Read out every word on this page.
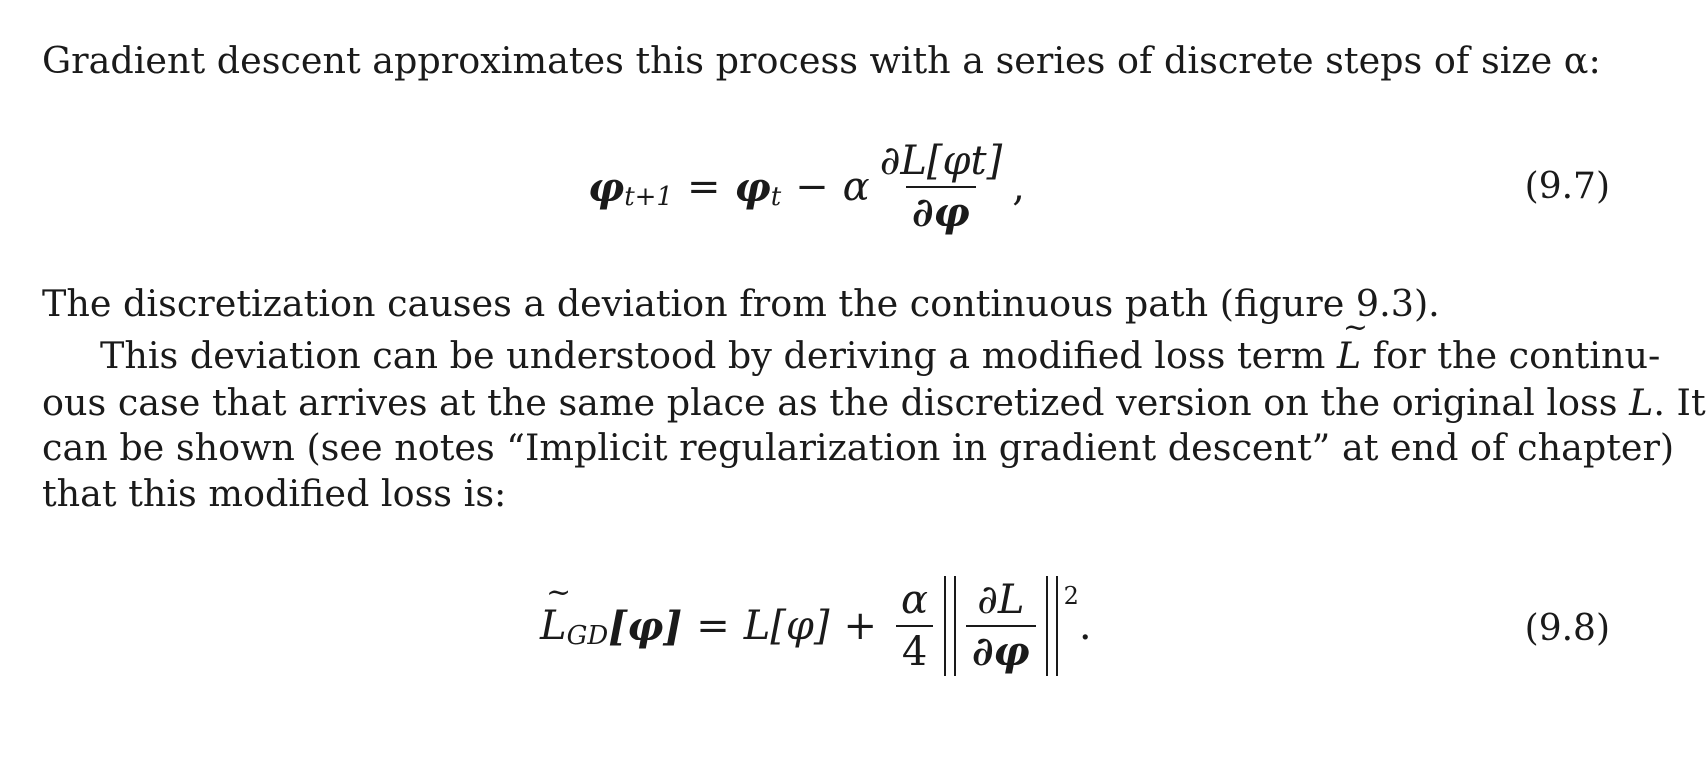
Gradient descent approximates this process with a series of discrete steps of size α:
φ t+1 = φ t − α $\frac{\partial L[\varphi t]}{\partial\varphi}$ ,	(9.7)
The discretization causes a deviation from the continuous path (figure 9.3).
This deviation can be understood by deriving a modified loss term ~ L for the continu-
ous case that arrives at the same place as the discretized version on the original loss L. It
can be shown (see notes “Implicit regularization in gradient descent” at end of chapter)
that this modified loss is:
~ L GD $[\varphi] = L[\varphi] + \frac{\alpha}{4} \frac{\partial L}{\partial\varphi} 2$
.	(9.8)
